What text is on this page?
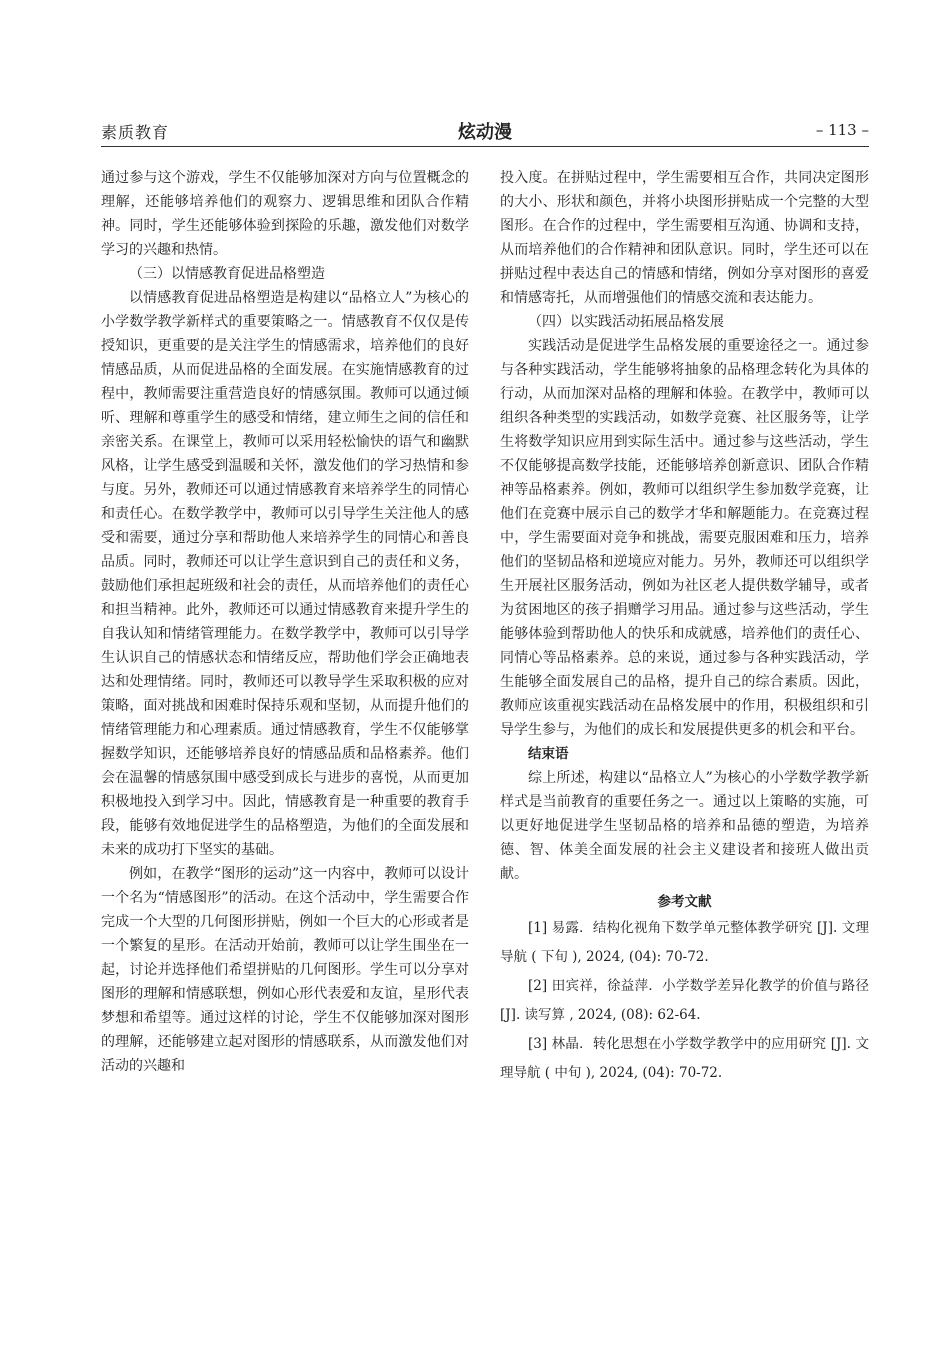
素质教育	炫动漫	– 113 –

通过参与这个游戏，学生不仅能够加深对方向与位置概念的理解，还能够培养他们的观察力、逻辑思维和团队合作精神。同时，学生还能够体验到探险的乐趣，激发他们对数学学习的兴趣和热情。

（三）以情感教育促进品格塑造

以情感教育促进品格塑造是构建以“品格立人”为核心的小学数学教学新样式的重要策略之一。情感教育不仅仅是传授知识，更重要的是关注学生的情感需求，培养他们的良好情感品质，从而促进品格的全面发展。在实施情感教育的过程中，教师需要注重营造良好的情感氛围。教师可以通过倾听、理解和尊重学生的感受和情绪，建立师生之间的信任和亲密关系。在课堂上，教师可以采用轻松愉快的语气和幽默风格，让学生感受到温暖和关怀，激发他们的学习热情和参与度。另外，教师还可以通过情感教育来培养学生的同情心和责任心。在数学教学中，教师可以引导学生关注他人的感受和需要，通过分享和帮助他人来培养学生的同情心和善良品质。同时，教师还可以让学生意识到自己的责任和义务，鼓励他们承担起班级和社会的责任，从而培养他们的责任心和担当精神。此外，教师还可以通过情感教育来提升学生的自我认知和情绪管理能力。在数学教学中，教师可以引导学生认识自己的情感状态和情绪反应，帮助他们学会正确地表达和处理情绪。同时，教师还可以教导学生采取积极的应对策略，面对挑战和困难时保持乐观和坚韧，从而提升他们的情绪管理能力和心理素质。通过情感教育，学生不仅能够掌握数学知识，还能够培养良好的情感品质和品格素养。他们会在温馨的情感氛围中感受到成长与进步的喜悦，从而更加积极地投入到学习中。因此，情感教育是一种重要的教育手段，能够有效地促进学生的品格塑造，为他们的全面发展和未来的成功打下坚实的基础。

例如，在教学“图形的运动”这一内容中，教师可以设计一个名为“情感图形”的活动。在这个活动中，学生需要合作完成一个大型的几何图形拼贴，例如一个巨大的心形或者是一个繁复的星形。在活动开始前，教师可以让学生围坐在一起，讨论并选择他们希望拼贴的几何图形。学生可以分享对图形的理解和情感联想，例如心形代表爱和友谊，星形代表梦想和希望等。通过这样的讨论，学生不仅能够加深对图形的理解，还能够建立起对图形的情感联系，从而激发他们对活动的兴趣和

投入度。在拼贴过程中，学生需要相互合作，共同决定图形的大小、形状和颜色，并将小块图形拼贴成一个完整的大型图形。在合作的过程中，学生需要相互沟通、协调和支持，从而培养他们的合作精神和团队意识。同时，学生还可以在拼贴过程中表达自己的情感和情绪，例如分享对图形的喜爱和情感寄托，从而增强他们的情感交流和表达能力。

（四）以实践活动拓展品格发展

实践活动是促进学生品格发展的重要途径之一。通过参与各种实践活动，学生能够将抽象的品格理念转化为具体的行动，从而加深对品格的理解和体验。在教学中，教师可以组织各种类型的实践活动，如数学竞赛、社区服务等，让学生将数学知识应用到实际生活中。通过参与这些活动，学生不仅能够提高数学技能，还能够培养创新意识、团队合作精神等品格素养。例如，教师可以组织学生参加数学竞赛，让他们在竞赛中展示自己的数学才华和解题能力。在竞赛过程中，学生需要面对竞争和挑战，需要克服困难和压力，培养他们的坚韧品格和逆境应对能力。另外，教师还可以组织学生开展社区服务活动，例如为社区老人提供数学辅导，或者为贫困地区的孩子捐赠学习用品。通过参与这些活动，学生能够体验到帮助他人的快乐和成就感，培养他们的责任心、同情心等品格素养。总的来说，通过参与各种实践活动，学生能够全面发展自己的品格，提升自己的综合素质。因此，教师应该重视实践活动在品格发展中的作用，积极组织和引导学生参与，为他们的成长和发展提供更多的机会和平台。

结束语

综上所述，构建以“品格立人”为核心的小学数学教学新样式是当前教育的重要任务之一。通过以上策略的实施，可以更好地促进学生坚韧品格的培养和品德的塑造，为培养德、智、体美全面发展的社会主义建设者和接班人做出贡献。

参考文献

[1] 易露．结构化视角下数学单元整体教学研究 [J]. 文理导航 ( 下旬 ), 2024, (04): 70-72.

[2] 田宾祥，徐益萍．小学数学差异化教学的价值与路径 [J]. 读写算 , 2024, (08): 62-64.

[3] 林晶．转化思想在小学数学教学中的应用研究 [J]. 文理导航 ( 中旬 ), 2024, (04): 70-72.
